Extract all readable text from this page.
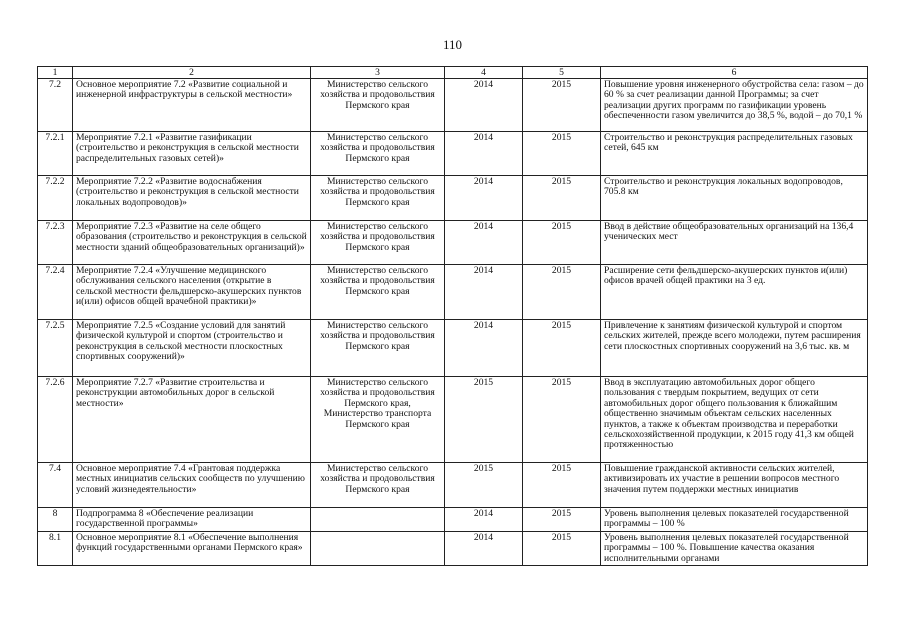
110
1	2	3	4	5	6
7.2	Основное мероприятие 7.2 «Развитие социальной и инженерной инфраструктуры в сельской местности»	Министерство сельского хозяйства и продовольствия Пермского края	2014	2015	Повышение уровня инженерного обустройства села: газом – до 60 % за счет реализации данной Программы; за счет реализации других программ по газификации уровень обеспеченности газом увеличится до 38,5 %, водой – до 70,1 %
7.2.1	Мероприятие 7.2.1 «Развитие газификации (строительство и реконструкция в сельской местности распределительных газовых сетей)»	Министерство сельского хозяйства и продовольствия Пермского края	2014	2015	Строительство и реконструкция распределительных газовых сетей, 645 км
7.2.2	Мероприятие 7.2.2 «Развитие водоснабжения (строительство и реконструкция в сельской местности локальных водопроводов)»	Министерство сельского хозяйства и продовольствия Пермского края	2014	2015	Строительство и реконструкция локальных водопроводов, 705.8 км
7.2.3	Мероприятие 7.2.3 «Развитие на селе общего образования (строительство и реконструкция в сельской местности зданий общеобразовательных организаций)»	Министерство сельского хозяйства и продовольствия Пермского края	2014	2015	Ввод в действие общеобразовательных организаций на 136,4 ученических мест
7.2.4	Мероприятие 7.2.4 «Улучшение медицинского обслуживания сельского населения (открытие в сельской местности фельдшерско-акушерских пунктов и(или) офисов общей врачебной практики)»	Министерство сельского хозяйства и продовольствия Пермского края	2014	2015	Расширение сети фельдшерско-акушерских пунктов и(или) офисов врачей общей практики на 3 ед.
7.2.5	Мероприятие 7.2.5 «Создание условий для занятий физической культурой и спортом (строительство и реконструкция в сельской местности плоскостных спортивных сооружений)»	Министерство сельского хозяйства и продовольствия Пермского края	2014	2015	Привлечение к занятиям физической культурой и спортом сельских жителей, прежде всего молодежи, путем расширения сети плоскостных спортивных сооружений на 3,6 тыс. кв. м
7.2.6	Мероприятие 7.2.7 «Развитие строительства и реконструкции автомобильных дорог в сельской местности»	Министерство сельского хозяйства и продовольствия Пермского края, Министерство транспорта Пермского края	2015	2015	Ввод в эксплуатацию автомобильных дорог общего пользования с твердым покрытием, ведущих от сети автомобильных дорог общего пользования к ближайшим общественно значимым объектам сельских населенных пунктов, а также к объектам производства и переработки сельскохозяйственной продукции, к 2015 году 41,3 км общей протяженностью
7.4	Основное мероприятие 7.4 «Грантовая поддержка местных инициатив сельских сообществ по улучшению условий жизнедеятельности»	Министерство сельского хозяйства и продовольствия Пермского края	2015	2015	Повышение гражданской активности сельских жителей, активизировать их участие в решении вопросов местного значения путем поддержки местных инициатив
8	Подпрограмма 8 «Обеспечение реализации государственной программы»		2014	2015	Уровень выполнения целевых показателей государственной программы – 100 %
8.1	Основное мероприятие 8.1 «Обеспечение выполнения функций государственными органами Пермского края»		2014	2015	Уровень выполнения целевых показателей государственной программы – 100 %. Повышение качества оказания исполнительными органами
